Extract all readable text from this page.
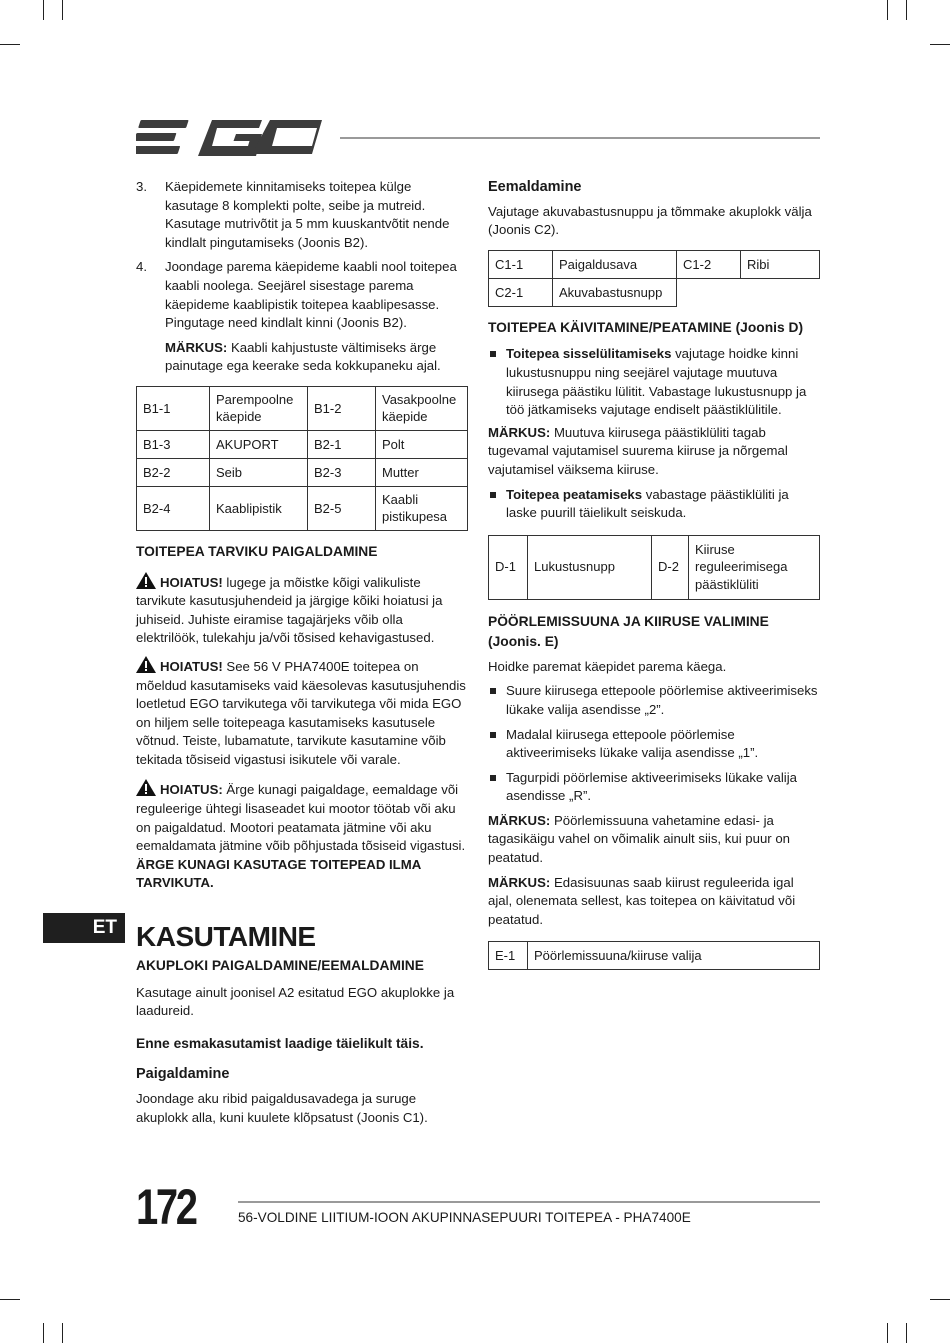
3. Käepidemete kinnitamiseks toitepea külge kasutage 8 komplekti polte, seibe ja mutreid. Kasutage mutrivõtit ja 5 mm kuuskantvõtit nende kindlalt pingutamiseks (Joonis B2).
4. Joondage parema käepideme kaabli nool toitepea kaabli noolega. Seejärel sisestage parema käepideme kaablipistik toitepea kaablipesasse. Pingutage need kindlalt kinni (Joonis B2).

MÄRKUS: Kaabli kahjustuste vältimiseks ärge painutage ega keerake seda kokkupaneku ajal.

B1-1	Parempoolne käepide	B1-2	Vasakpoolne käepide
B1-3	AKUPORT	B2-1	Polt
B2-2	Seib	B2-3	Mutter
B2-4	Kaablipistik	B2-5	Kaabli pistikupesa
TOITEPEA TARVIKU PAIGALDAMINE

HOIATUS! lugege ja mõistke kõigi valikuliste tarvikute kasutusjuhendeid ja järgige kõiki hoiatusi ja juhiseid. Juhiste eiramise tagajärjeks võib olla elektrilöök, tulekahju ja/või tõsised kehavigastused.

HOIATUS! See 56 V PHA7400E toitepea on mõeldud kasutamiseks vaid käesolevas kasutusjuhendis loetletud EGO tarvikutega või tarvikutega või mida EGO on hiljem selle toitepeaga kasutamiseks kasutusele võtnud. Teiste, lubamatute, tarvikute kasutamine võib tekitada tõsiseid vigastusi isikutele või varale.

HOIATUS: Ärge kunagi paigaldage, eemaldage või reguleerige ühtegi lisaseadet kui mootor töötab või aku on paigaldatud. Mootori peatamata jätmine või aku eemaldamata jätmine võib põhjustada tõsiseid vigastusi. ÄRGE KUNAGI KASUTAGE TOITEPEAD ILMA TARVIKUTA.

KASUTAMINE
AKUPLOKI PAIGALDAMINE/EEMALDAMINE

Kasutage ainult joonisel A2 esitatud EGO akuplokke ja laadureid.

Enne esmakasutamist laadige täielikult täis.
Paigaldamine

Joondage aku ribid paigaldusavadega ja suruge akuplokk alla, kuni kuulete klõpsatust (Joonis C1).

Eemaldamine

Vajutage akuvabastusnuppu ja tõmmake akuplokk välja (Joonis C2).

C1-1	Paigaldusava	C1-2	Ribi
C2-1	Akuvabastusnupp		
TOITEPEA KÄIVITAMINE/PEATAMINE (Joonis D)
Toitepea sisselülitamiseks vajutage hoidke kinni lukustusnuppu ning seejärel vajutage muutuva kiirusega päästiku lülitit. Vabastage lukustusnupp ja töö jätkamiseks vajutage endiselt päästiklülitile.

MÄRKUS: Muutuva kiirusega päästiklüliti tagab tugevamal vajutamisel suurema kiiruse ja nõrgemal vajutamisel väiksema kiiruse.

Toitepea peatamiseks vabastage päästiklüliti ja laske puurill täielikult seiskuda.
D-1	Lukustusnupp	D-2	Kiiruse reguleerimisega päästiklüliti
PÖÖRLEMISSUUNA JA KIIRUSE VALIMINE (Joonis. E)

Hoidke paremat käepidet parema käega.

Suure kiirusega ettepoole pöörlemise aktiveerimiseks lükake valija asendisse „2”.
Madalal kiirusega ettepoole pöörlemise aktiveerimiseks lükake valija asendisse „1”.
Tagurpidi pöörlemise aktiveerimiseks lükake valija asendisse „R”.

MÄRKUS: Pöörlemissuuna vahetamine edasi- ja tagasikäigu vahel on võimalik ainult siis, kui puur on peatatud.

MÄRKUS: Edasisuunas saab kiirust reguleerida igal ajal, olenemata sellest, kas toitepea on käivitatud või peatatud.

E-1	Pöörlemissuuna/kiiruse valija
ET
172	56-VOLDINE LIITIUM-IOON AKUPINNASEPUURI TOITEPEA - PHA7400E
